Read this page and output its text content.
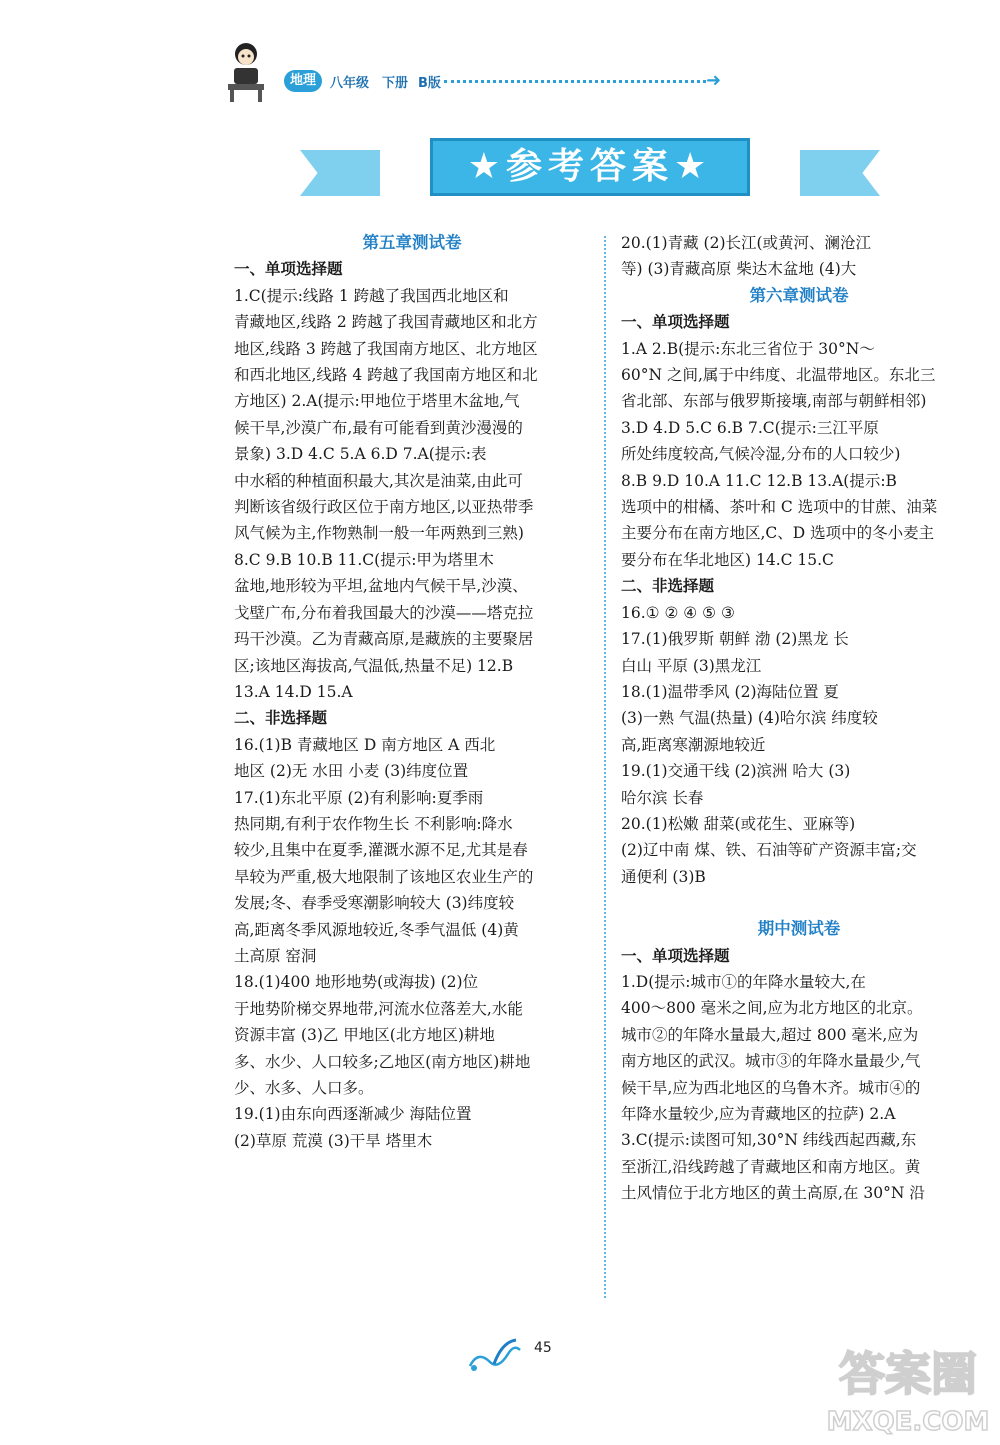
地理	八年级 下册 B版	➜
★参考答案★
第五章测试卷
一、单项选择题
1.C(提示:线路 1 跨越了我国西北地区和
青藏地区,线路 2 跨越了我国青藏地区和北方
地区,线路 3 跨越了我国南方地区、北方地区
和西北地区,线路 4 跨越了我国南方地区和北
方地区) 2.A(提示:甲地位于塔里木盆地,气
候干旱,沙漠广布,最有可能看到黄沙漫漫的
景象) 3.D 4.C 5.A 6.D 7.A(提示:表
中水稻的种植面积最大,其次是油菜,由此可
判断该省级行政区位于南方地区,以亚热带季
风气候为主,作物熟制一般一年两熟到三熟)
8.C 9.B 10.B 11.C(提示:甲为塔里木
盆地,地形较为平坦,盆地内气候干旱,沙漠、
戈壁广布,分布着我国最大的沙漠——塔克拉
玛干沙漠。乙为青藏高原,是藏族的主要聚居
区;该地区海拔高,气温低,热量不足) 12.B
13.A 14.D 15.A
二、非选择题
16.(1)B 青藏地区 D 南方地区 A 西北
地区 (2)无 水田 小麦 (3)纬度位置
17.(1)东北平原 (2)有利影响:夏季雨
热同期,有利于农作物生长 不利影响:降水
较少,且集中在夏季,灌溉水源不足,尤其是春
旱较为严重,极大地限制了该地区农业生产的
发展;冬、春季受寒潮影响较大 (3)纬度较
高,距离冬季风源地较近,冬季气温低 (4)黄
土高原 窑洞
18.(1)400 地形地势(或海拔) (2)位
于地势阶梯交界地带,河流水位落差大,水能
资源丰富 (3)乙 甲地区(北方地区)耕地
多、水少、人口较多;乙地区(南方地区)耕地
少、水多、人口多。
19.(1)由东向西逐渐减少 海陆位置
(2)草原 荒漠 (3)干旱 塔里木
20.(1)青藏 (2)长江(或黄河、澜沧江
等) (3)青藏高原 柴达木盆地 (4)大
第六章测试卷
一、单项选择题
1.A 2.B(提示:东北三省位于 30°N～
60°N 之间,属于中纬度、北温带地区。东北三
省北部、东部与俄罗斯接壤,南部与朝鲜相邻)
3.D 4.D 5.C 6.B 7.C(提示:三江平原
所处纬度较高,气候冷湿,分布的人口较少)
8.B 9.D 10.A 11.C 12.B 13.A(提示:B
选项中的柑橘、茶叶和 C 选项中的甘蔗、油菜
主要分布在南方地区,C、D 选项中的冬小麦主
要分布在华北地区) 14.C 15.C
二、非选择题
16.① ② ④ ⑤ ③
17.(1)俄罗斯 朝鲜 渤 (2)黑龙 长
白山 平原 (3)黑龙江
18.(1)温带季风 (2)海陆位置 夏
(3)一熟 气温(热量) (4)哈尔滨 纬度较
高,距离寒潮源地较近
19.(1)交通干线 (2)滨洲 哈大 (3)
哈尔滨 长春
20.(1)松嫩 甜菜(或花生、亚麻等)
(2)辽中南 煤、铁、石油等矿产资源丰富;交
通便利 (3)B
期中测试卷
一、单项选择题
1.D(提示:城市①的年降水量较大,在
400～800 毫米之间,应为北方地区的北京。
城市②的年降水量最大,超过 800 毫米,应为
南方地区的武汉。城市③的年降水量最少,气
候干旱,应为西北地区的乌鲁木齐。城市④的
年降水量较少,应为青藏地区的拉萨) 2.A
3.C(提示:读图可知,30°N 纬线西起西藏,东
至浙江,沿线跨越了青藏地区和南方地区。黄
土风情位于北方地区的黄土高原,在 30°N 沿
45	答案圈
MXQE.COM
